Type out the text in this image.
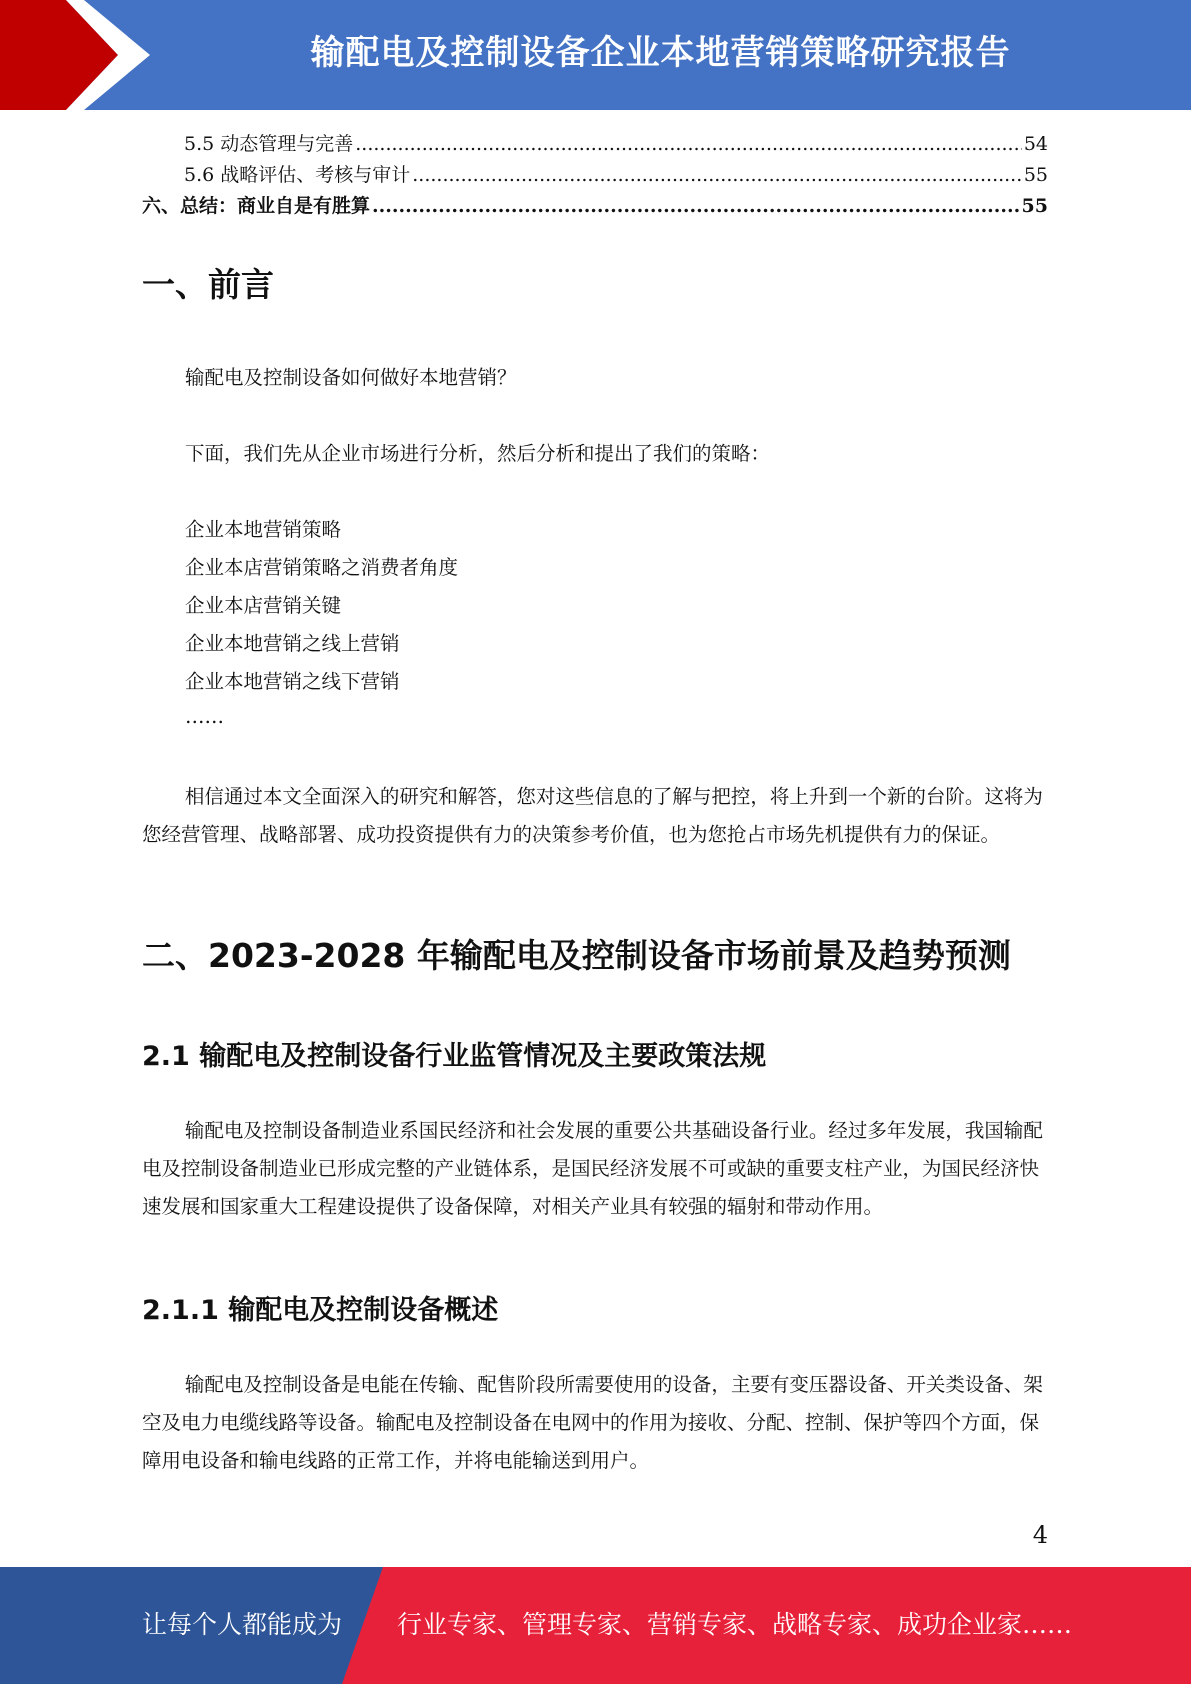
输配电及控制设备企业本地营销策略研究报告
5.5 动态管理与完善 .....	54
5.6 战略评估、考核与审计 .....	55
六、总结：商业自是有胜算 .....	55
一、前言

输配电及控制设备如何做好本地营销？

下面，我们先从企业市场进行分析，然后分析和提出了我们的策略：

企业本地营销策略
企业本店营销策略之消费者角度
企业本店营销关键
企业本地营销之线上营销
企业本地营销之线下营销
……

相信通过本文全面深入的研究和解答，您对这些信息的了解与把控，将上升到一个新的台阶。这将为您经营管理、战略部署、成功投资提供有力的决策参考价值，也为您抢占市场先机提供有力的保证。

二、2023-2028 年输配电及控制设备市场前景及趋势预测
2.1 输配电及控制设备行业监管情况及主要政策法规

输配电及控制设备制造业系国民经济和社会发展的重要公共基础设备行业。经过多年发展，我国输配电及控制设备制造业已形成完整的产业链体系，是国民经济发展不可或缺的重要支柱产业，为国民经济快速发展和国家重大工程建设提供了设备保障，对相关产业具有较强的辐射和带动作用。

2.1.1 输配电及控制设备概述

输配电及控制设备是电能在传输、配售阶段所需要使用的设备，主要有变压器设备、开关类设备、架空及电力电缆线路等设备。输配电及控制设备在电网中的作用为接收、分配、控制、保护等四个方面，保障用电设备和输电线路的正常工作，并将电能输送到用户。

4
让每个人都能成为 行业专家、管理专家、营销专家、战略专家、成功企业家……
